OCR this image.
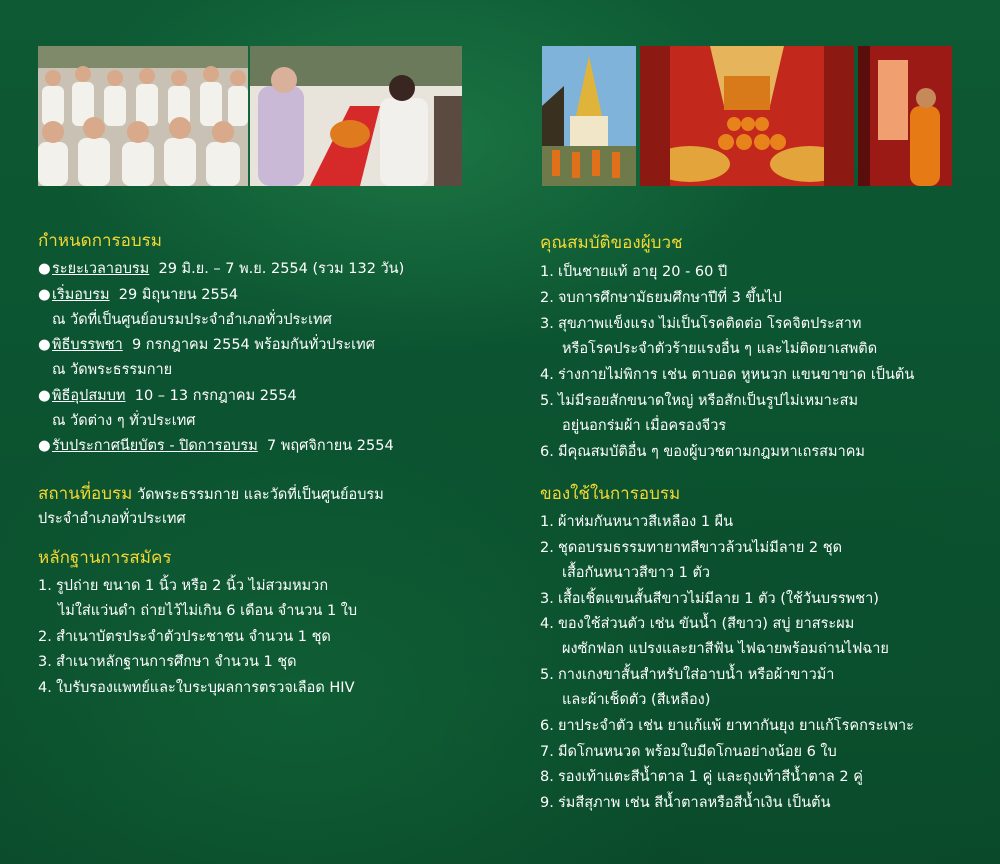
กำหนดการอบรม
●ระยะเวลาอบรม 29 มิ.ย. – 7 พ.ย. 2554 (รวม 132 วัน)
●เริ่มอบรม 29 มิถุนายน 2554
ณ วัดที่เป็นศูนย์อบรมประจำอำเภอทั่วประเทศ
●พิธีบรรพชา 9 กรกฎาคม 2554 พร้อมกันทั่วประเทศ
ณ วัดพระธรรมกาย
●พิธีอุปสมบท 10 – 13 กรกฎาคม 2554
ณ วัดต่าง ๆ ทั่วประเทศ
●รับประกาศนียบัตร - ปิดการอบรม 7 พฤศจิกายน 2554
สถานที่อบรม วัดพระธรรมกาย และวัดที่เป็นศูนย์อบรม
ประจำอำเภอทั่วประเทศ
หลักฐานการสมัคร
1. รูปถ่าย ขนาด 1 นิ้ว หรือ 2 นิ้ว ไม่สวมหมวก
ไม่ใส่แว่นดำ ถ่ายไว้ไม่เกิน 6 เดือน จำนวน 1 ใบ
2. สำเนาบัตรประจำตัวประชาชน จำนวน 1 ชุด
3. สำเนาหลักฐานการศึกษา จำนวน 1 ชุด
4. ใบรับรองแพทย์และใบระบุผลการตรวจเลือด HIV
คุณสมบัติของผู้บวช
1. เป็นชายแท้ อายุ 20 - 60 ปี
2. จบการศึกษามัธยมศึกษาปีที่ 3 ขึ้นไป
3. สุขภาพแข็งแรง ไม่เป็นโรคติดต่อ โรคจิตประสาท
หรือโรคประจำตัวร้ายแรงอื่น ๆ และไม่ติดยาเสพติด
4. ร่างกายไม่พิการ เช่น ตาบอด หูหนวก แขนขาขาด เป็นต้น
5. ไม่มีรอยสักขนาดใหญ่ หรือสักเป็นรูปไม่เหมาะสม
อยู่นอกร่มผ้า เมื่อครองจีวร
6. มีคุณสมบัติอื่น ๆ ของผู้บวชตามกฎมหาเถรสมาคม
ของใช้ในการอบรม
1. ผ้าห่มกันหนาวสีเหลือง 1 ผืน
2. ชุดอบรมธรรมทายาทสีขาวล้วนไม่มีลาย 2 ชุด
เสื้อกันหนาวสีขาว 1 ตัว
3. เสื้อเชิ้ตแขนสั้นสีขาวไม่มีลาย 1 ตัว (ใช้วันบรรพชา)
4. ของใช้ส่วนตัว เช่น ขันน้ำ (สีขาว) สบู่ ยาสระผม
ผงซักฟอก แปรงและยาสีฟัน ไฟฉายพร้อมถ่านไฟฉาย
5. กางเกงขาสั้นสำหรับใส่อาบน้ำ หรือผ้าขาวม้า
และผ้าเช็ดตัว (สีเหลือง)
6. ยาประจำตัว เช่น ยาแก้แพ้ ยาทากันยุง ยาแก้โรคกระเพาะ
7. มีดโกนหนวด พร้อมใบมีดโกนอย่างน้อย 6 ใบ
8. รองเท้าแตะสีน้ำตาล 1 คู่ และถุงเท้าสีน้ำตาล 2 คู่
9. ร่มสีสุภาพ เช่น สีน้ำตาลหรือสีน้ำเงิน เป็นต้น
